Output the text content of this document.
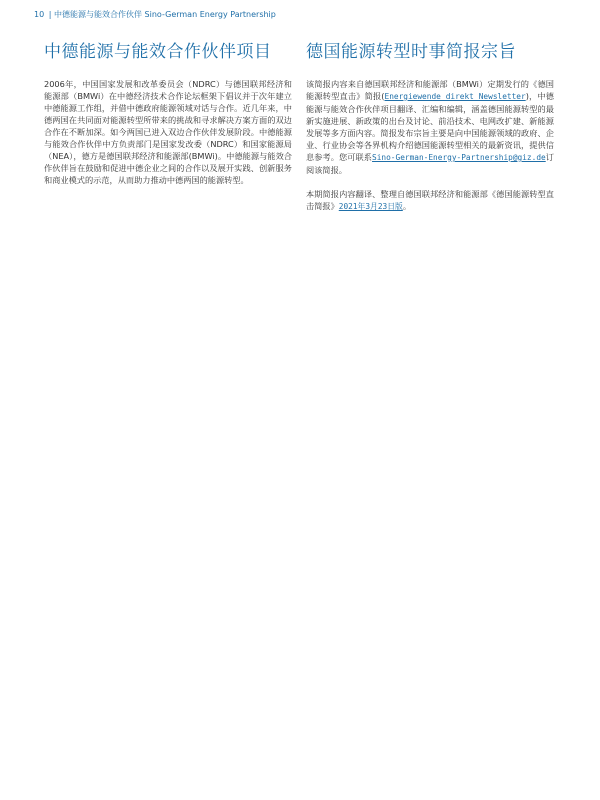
10 | 中德能源与能效合作伙伴 Sino-German Energy Partnership
中德能源与能效合作伙伴项目

2006年，中国国家发展和改革委员会（NDRC）与德国联邦经济和能源部（BMWi）在中德经济技术合作论坛框架下倡议并于次年建立中德能源工作组，并借中德政府能源领域对话与合作。近几年来，中德两国在共同面对能源转型所带来的挑战和寻求解决方案方面的双边合作在不断加深。如今两国已进入双边合作伙伴发展阶段。中德能源与能效合作伙伴中方负责部门是国家发改委（NDRC）和国家能源局（NEA），德方是德国联邦经济和能源部(BMWi)。中德能源与能效合作伙伴旨在鼓励和促进中德企业之间的合作以及展开实践、创新服务和商业模式的示范，从而助力推动中德两国的能源转型。

德国能源转型时事简报宗旨

该简报内容来自德国联邦经济和能源部（BMWi）定期发行的《德国能源转型直击》简报(Energiewende direkt Newsletter)，中德能源与能效合作伙伴项目翻译、汇编和编辑，涵盖德国能源转型的最新实施进展、新政策的出台及讨论、前沿技术、电网改扩建、新能源发展等多方面内容。简报发布宗旨主要是向中国能源领域的政府、企业、行业协会等各界机构介绍德国能源转型相关的最新资讯，提供信息参考。您可联系Sino-German-Energy-Partnership@giz.de订阅该简报。

本期简报内容翻译、整理自德国联邦经济和能源部《德国能源转型直击简报》2021年3月23日版。
